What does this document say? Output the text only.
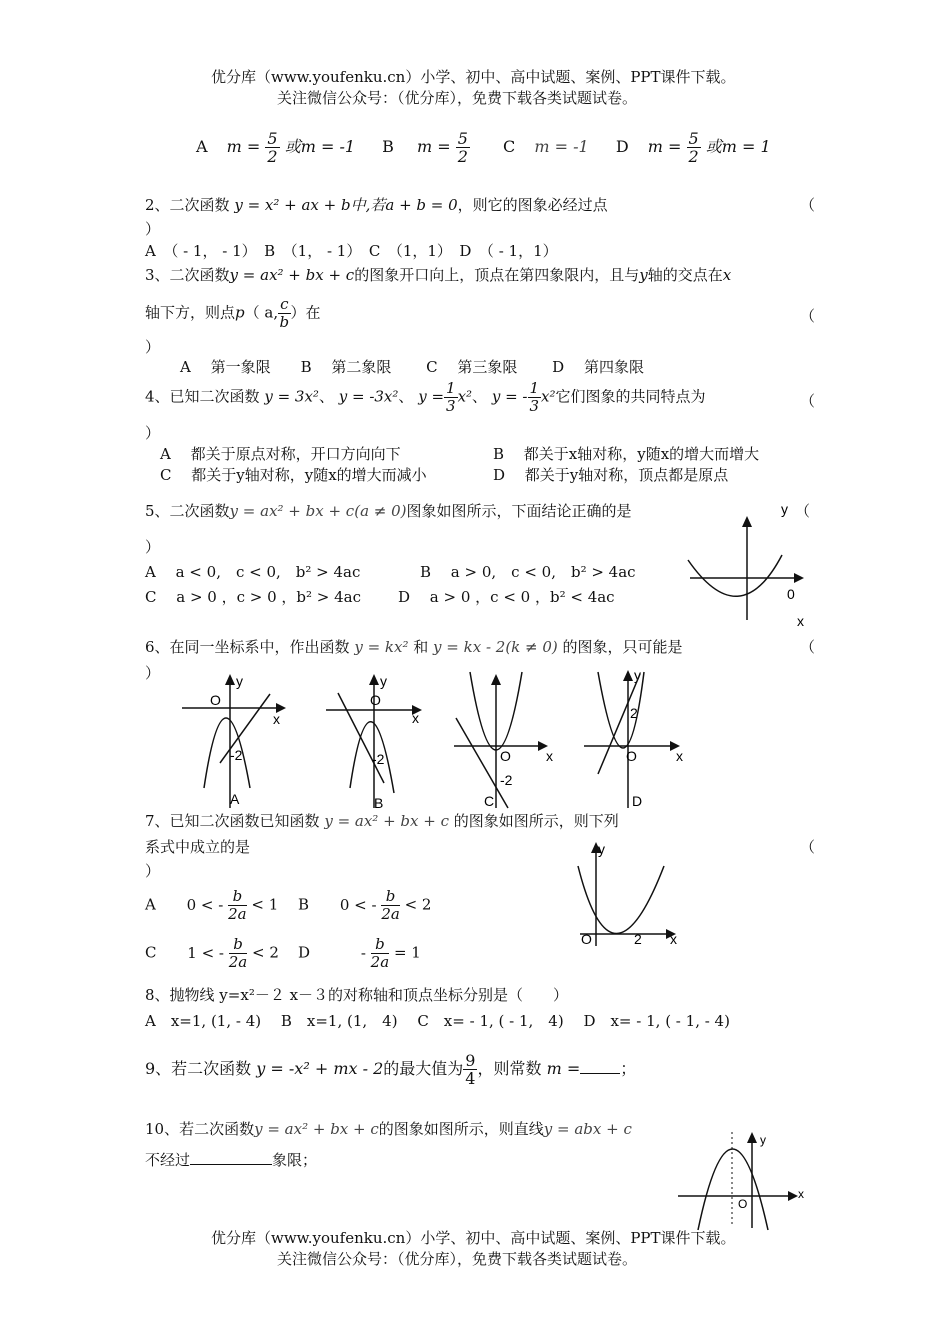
优分库（www.youfenku.cn）小学、初中、高中试题、案例、PPT课件下载。
关注微信公众号：（优分库），免费下载各类试题试卷。
A $m = \frac{5}{2}$ 或m = -1 B $m = \frac{5}{2}$ C m = -1 D $m = \frac{5}{2}$ 或m = 1
2、二次函数 y = x² + ax + b中,若a + b = 0，则它的图象必经过点	（
）
A　（ - 1， - 1）　B　（1， - 1）　C　（1，1）　D　（ - 1，1）
3、二次函数y = ax² + bx + c的图象开口向上，顶点在第四象限内，且与y轴的交点在x
轴下方，则点p（ a, $\frac{c}{b}$ ）在	（
）
A　 第一象限　　B　 第二象限　　 C　 第三象限　　 D　 第四象限
4、已知二次函数 y = 3x²、 y = -3x²、 $y = \frac{1}{3} x^2$、 y = - $\frac{1}{3} x^2$它们图象的共同特点为	（
）
A　 都关于原点对称，开口方向向下	B　 都关于x轴对称，y随x的增大而增大
C　 都关于y轴对称，y随x的增大而减小	D　 都关于y轴对称，顶点都是原点
5、二次函数y = ax² + bx + c(a ≠ 0)图象如图所示，下面结论正确的是	（
）
A　 a < 0,　c < 0,　b² > 4ac	B　 a > 0,　c < 0,　b² > 4ac
C　 a > 0 ，c > 0 ，b² > 4ac D　 a > 0 ，c < 0 ，b² < 4ac
y
0
x
6、在同一坐标系中，作出函数 y = kx² 和 y = kx - 2(k ≠ 0) 的图象，只可能是	（
）	y
O
x
-2
A
y
O
x
-2
B
O	x
-2
C
y
O	x
2
D
7、已知二次函数已知函数 y = ax² + bx + c 的图象如图所示，则下列
系式中成立的是	（
）
A 0 < - $\frac{b}{2a} < 1$ B 0 < - $\frac{b}{2a} < 2$
C 1 < - $\frac{b}{2a} < 2$ D	- $\frac{b}{2a} = 1$
y
O	x
2
8、抛物线 y=x²－２ x－３的对称轴和顶点坐标分别是（　　）
A　x=1, (1, - 4)　 B　x=1, (1,　4)　 C　x= - 1, ( - 1,　4)　 D　x= - 1, ( - 1, - 4)
9、若二次函数 y = -x² + mx - 2的最大值为 $\frac{9}{4}$ ，则常数 m =	；
10、若二次函数y = ax² + bx + c的图象如图所示，则直线y = abx + c
不经过	象限；
y
x
O
优分库（www.youfenku.cn）小学、初中、高中试题、案例、PPT课件下载。
关注微信公众号：（优分库），免费下载各类试题试卷。
